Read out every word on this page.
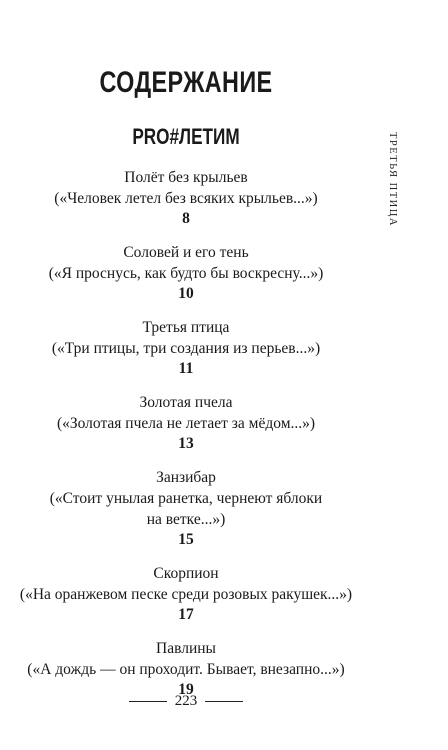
СОДЕРЖАНИЕ
PRO#ЛЕТИМ
Полёт без крыльев
(«Человек летел без всяких крыльев...»)
8
Соловей и его тень
(«Я проснусь, как будто бы воскресну...»)
10
Третья птица
(«Три птицы, три создания из перьев...»)
11
Золотая пчела
(«Золотая пчела не летает за мёдом...»)
13
Занзибар
(«Стоит унылая ранетка, чернеют яблоки
на ветке...»)
15
Скорпион
(«На оранжевом песке среди розовых ракушек...»)
17
Павлины
(«А дождь — он проходит. Бывает, внезапно...»)
19
ТРЕТЬЯ ПТИЦА
223
